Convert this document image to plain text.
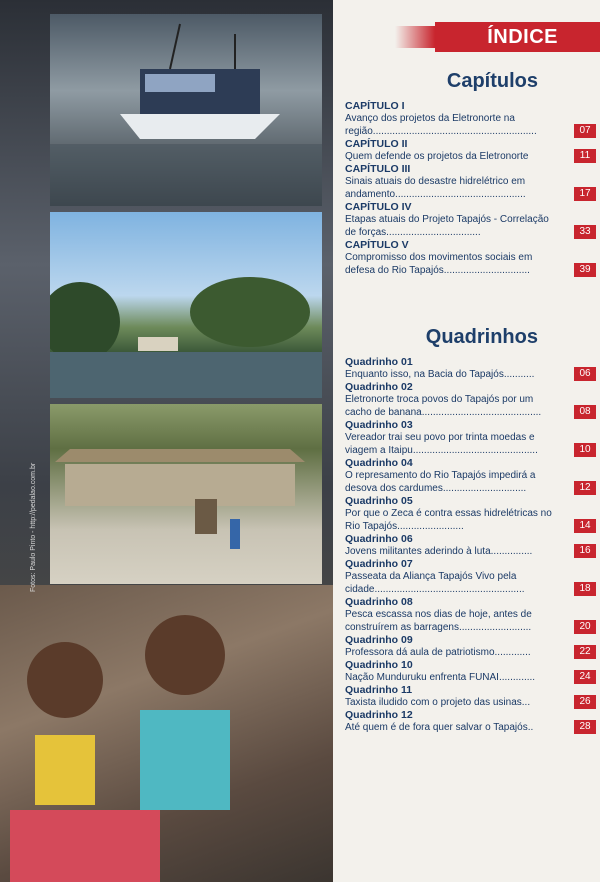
Fotos: Paulo Pinto - http://pedalao.com.br
ÍNDICE
Capítulos
CAPÍTULO I
Avanço dos projetos da Eletronorte na região...........................................................	07
CAPÍTULO II
Quem defende os projetos da Eletronorte	11
CAPÍTULO III
Sinais atuais do desastre hidrelétrico em andamento...............................................	17
CAPÍTULO IV
Etapas atuais do Projeto Tapajós - Correlação de forças..................................	33
CAPÍTULO V
Compromisso dos movimentos sociais em defesa do Rio Tapajós...............................	39
Quadrinhos
Quadrinho 01
Enquanto isso, na Bacia do Tapajós...........	06
Quadrinho 02
Eletronorte troca povos do Tapajós por um cacho de banana...........................................	08
Quadrinho 03
Vereador trai seu povo por trinta moedas e viagem a Itaipu.............................................	10
Quadrinho 04
O represamento do Rio Tapajós impedirá a desova dos cardumes..............................	12
Quadrinho 05
Por que o Zeca é contra essas hidrelétricas no Rio Tapajós........................	14
Quadrinho 06
Jovens militantes aderindo à luta...............	16
Quadrinho 07
Passeata da Aliança Tapajós Vivo pela cidade......................................................	18
Quadrinho 08
Pesca escassa nos dias de hoje, antes de construírem as barragens..........................	20
Quadrinho 09
Professora dá aula de patriotismo.............	22
Quadrinho 10
Nação Munduruku enfrenta FUNAI.............	24
Quadrinho 11
Taxista iludido com o projeto das usinas...	26
Quadrinho 12
Até quem é de fora quer salvar o Tapajós..	28
